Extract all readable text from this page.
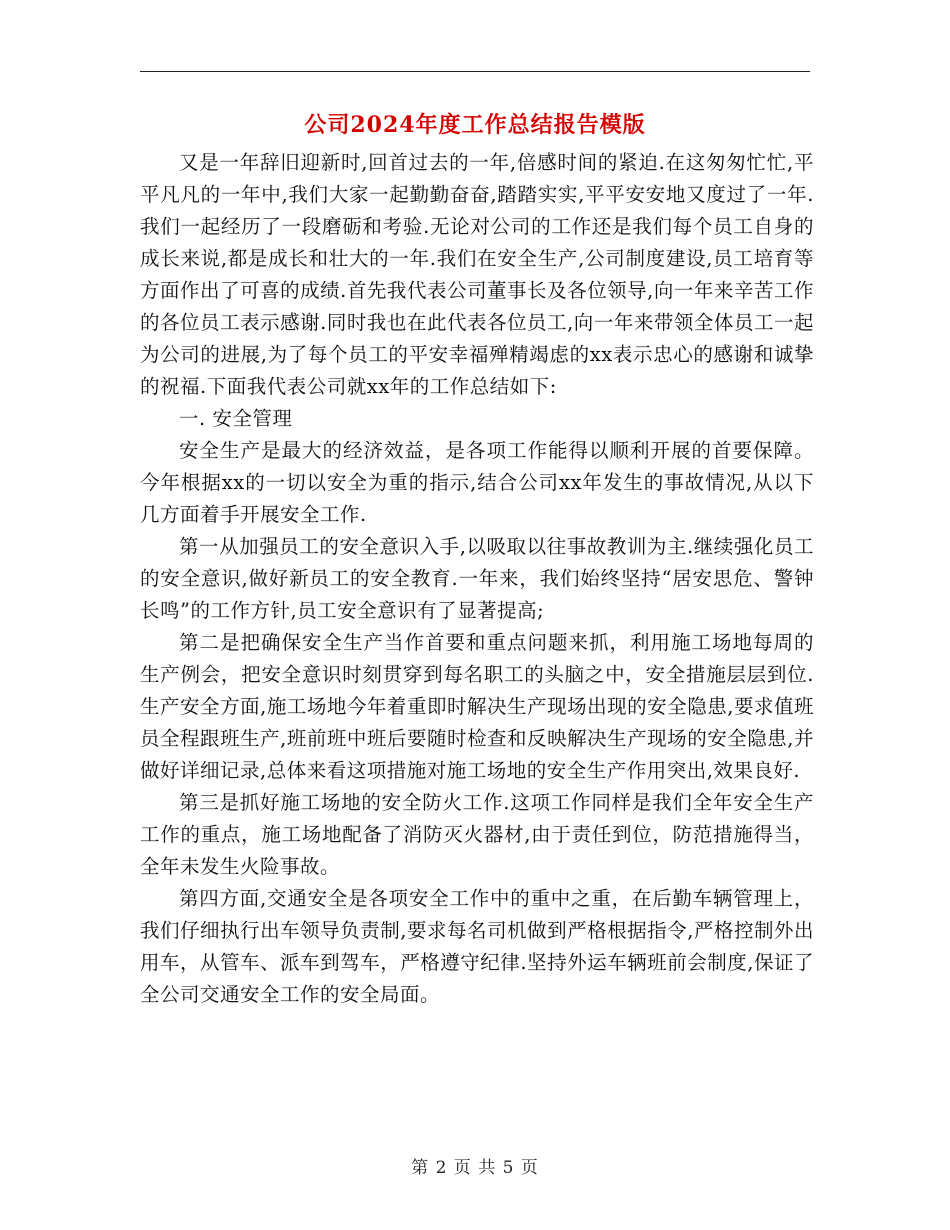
公司2024年度工作总结报告模版

又是一年辞旧迎新时,回首过去的一年,倍感时间的紧迫.在这匆匆忙忙,平平凡凡的一年中,我们大家一起勤勤奋奋,踏踏实实,平平安安地又度过了一年.我们一起经历了一段磨砺和考验.无论对公司的工作还是我们每个员工自身的成长来说,都是成长和壮大的一年.我们在安全生产,公司制度建设,员工培育等方面作出了可喜的成绩.首先我代表公司董事长及各位领导,向一年来辛苦工作的各位员工表示感谢.同时我也在此代表各位员工,向一年来带领全体员工一起为公司的进展,为了每个员工的平安幸福殚精竭虑的xx表示忠心的感谢和诚挚的祝福.下面我代表公司就xx年的工作总结如下:

一. 安全管理

安全生产是最大的经济效益，是各项工作能得以顺利开展的首要保障。今年根据xx的一切以安全为重的指示,结合公司xx年发生的事故情况,从以下几方面着手开展安全工作.

第一从加强员工的安全意识入手,以吸取以往事故教训为主.继续强化员工的安全意识,做好新员工的安全教育.一年来，我们始终坚持“居安思危、警钟长鸣”的工作方针,员工安全意识有了显著提高;

第二是把确保安全生产当作首要和重点问题来抓，利用施工场地每周的生产例会，把安全意识时刻贯穿到每名职工的头脑之中，安全措施层层到位.生产安全方面,施工场地今年着重即时解决生产现场出现的安全隐患,要求值班员全程跟班生产,班前班中班后要随时检查和反映解决生产现场的安全隐患,并做好详细记录,总体来看这项措施对施工场地的安全生产作用突出,效果良好.

第三是抓好施工场地的安全防火工作.这项工作同样是我们全年安全生产工作的重点，施工场地配备了消防灭火器材,由于责任到位，防范措施得当，全年未发生火险事故。

第四方面,交通安全是各项安全工作中的重中之重，在后勤车辆管理上，我们仔细执行出车领导负责制,要求每名司机做到严格根据指令,严格控制外出用车，从管车、派车到驾车，严格遵守纪律.坚持外运车辆班前会制度,保证了全公司交通安全工作的安全局面。

第 2 页 共 5 页
